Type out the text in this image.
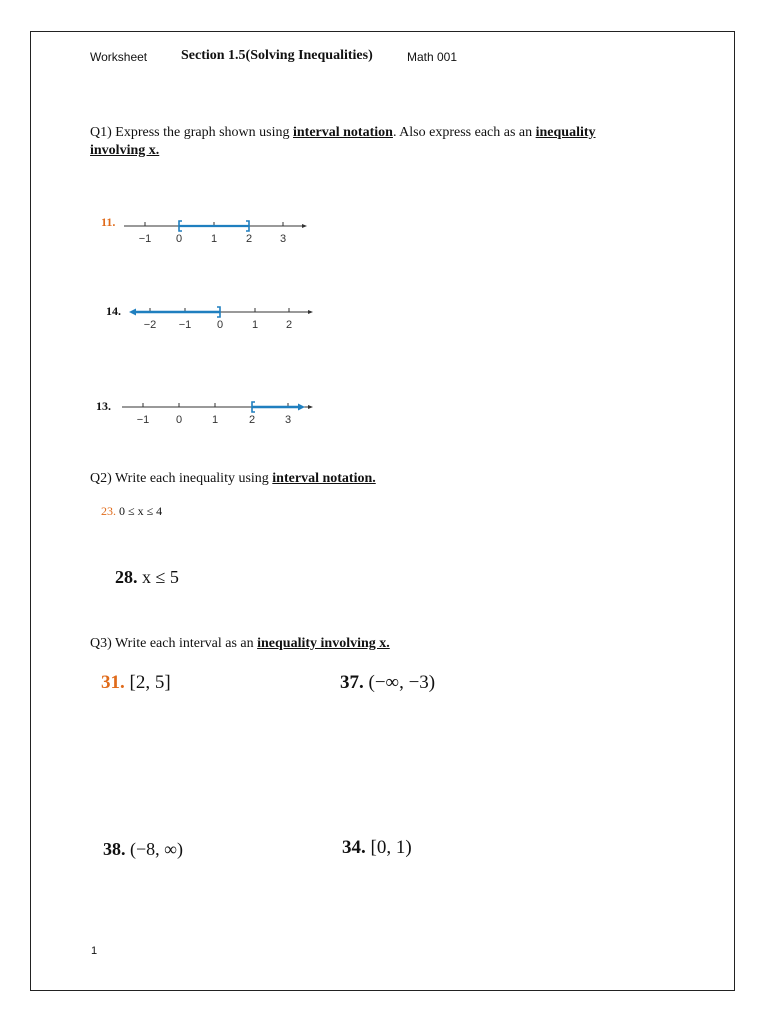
Worksheet Section 1.5(Solving Inequalities)	Math 001
Q1) Express the graph shown using interval notation. Also express each as an inequality
involving x.
11.
−1 0	1	2	3
14.
−2 −1 0	1	2
13.
−1 0	1	2	3
Q2) Write each inequality using interval notation.
23. 0 ≤ x ≤ 4
28. x ≤ 5
Q3) Write each interval as an inequality involving x.
31. [2, 5]	37. (−∞, −3)
38. (−8, ∞)	34. [0, 1)
1
